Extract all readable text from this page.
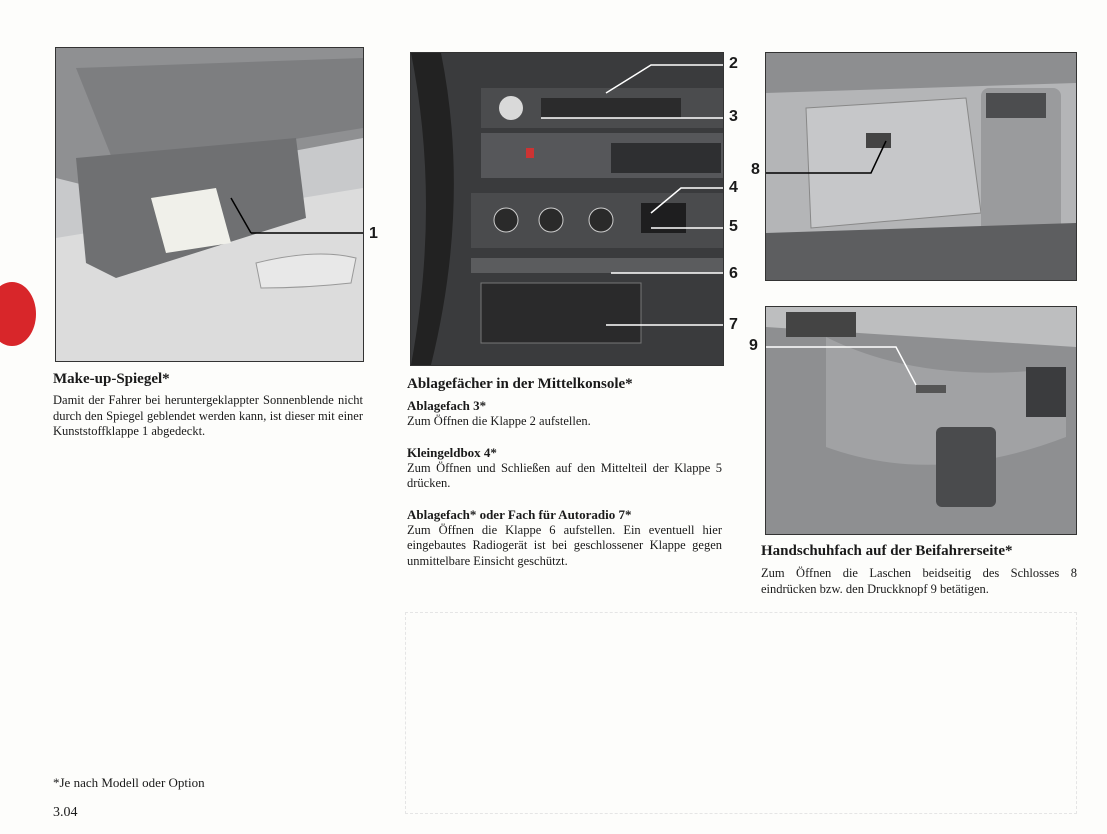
1
2
3
4
5
6
7
8
9
Make-up-Spiegel*
Damit der Fahrer bei heruntergeklappter Sonnenblende nicht durch den Spiegel geblendet werden kann, ist dieser mit einer Kunststoffklappe 1 abgedeckt.
Ablagefächer in der Mittelkonsole*
Ablagefach 3*
Zum Öffnen die Klappe 2 aufstellen.
Kleingeldbox 4*
Zum Öffnen und Schließen auf den Mittelteil der Klappe 5 drücken.
Ablagefach* oder Fach für Autoradio 7*
Zum Öffnen die Klappe 6 aufstellen. Ein eventuell hier eingebautes Radiogerät ist bei geschlossener Klappe gegen unmittelbare Einsicht geschützt.
Handschuhfach auf der Beifahrerseite*
Zum Öffnen die Laschen beidseitig des Schlosses 8 eindrücken bzw. den Druckknopf 9 betätigen.
*Je nach Modell oder Option
3.04
